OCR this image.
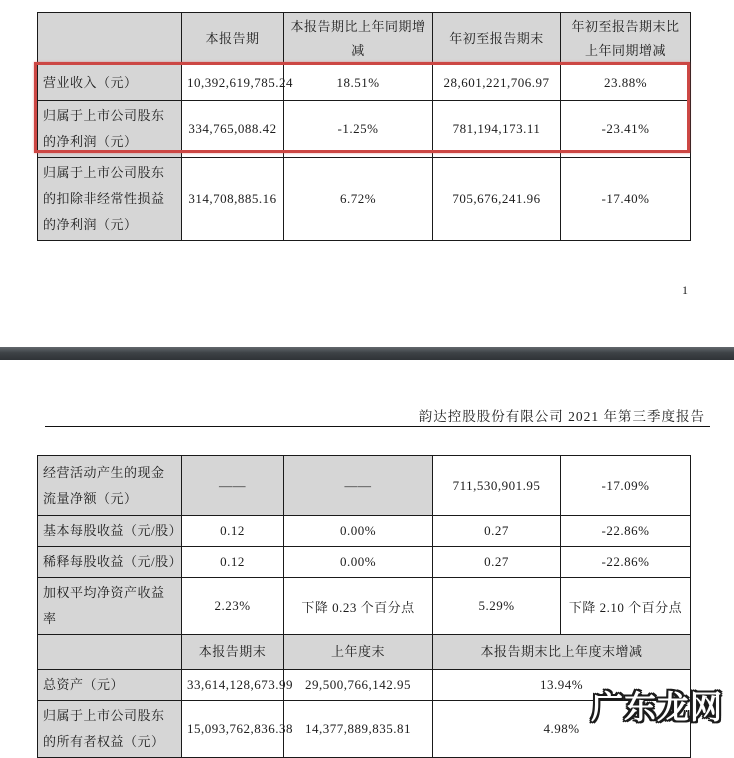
	本报告期	本报告期比上年同期增减	年初至报告期末	年初至报告期末比上年同期增减
营业收入（元）	10,392,619,785.24	18.51%	28,601,221,706.97	23.88%
归属于上市公司股东的净利润（元）	334,765,088.42	-1.25%	781,194,173.11	-23.41%
归属于上市公司股东的扣除非经常性损益的净利润（元）	314,708,885.16	6.72%	705,676,241.96	-17.40%
1
韵达控股股份有限公司 2021 年第三季度报告
经营活动产生的现金流量净额（元）	——	——	711,530,901.95	-17.09%
基本每股收益（元/股）	0.12	0.00%	0.27	-22.86%
稀释每股收益（元/股）	0.12	0.00%	0.27	-22.86%
加权平均净资产收益率	2.23%	下降 0.23 个百分点	5.29%	下降 2.10 个百分点
	本报告期末	上年度末	本报告期末比上年度末增减	
总资产（元）	33,614,128,673.99	29,500,766,142.95	13.94%	
归属于上市公司股东的所有者权益（元）	15,093,762,836.38	14,377,889,835.81	4.98%	
广东龙网
